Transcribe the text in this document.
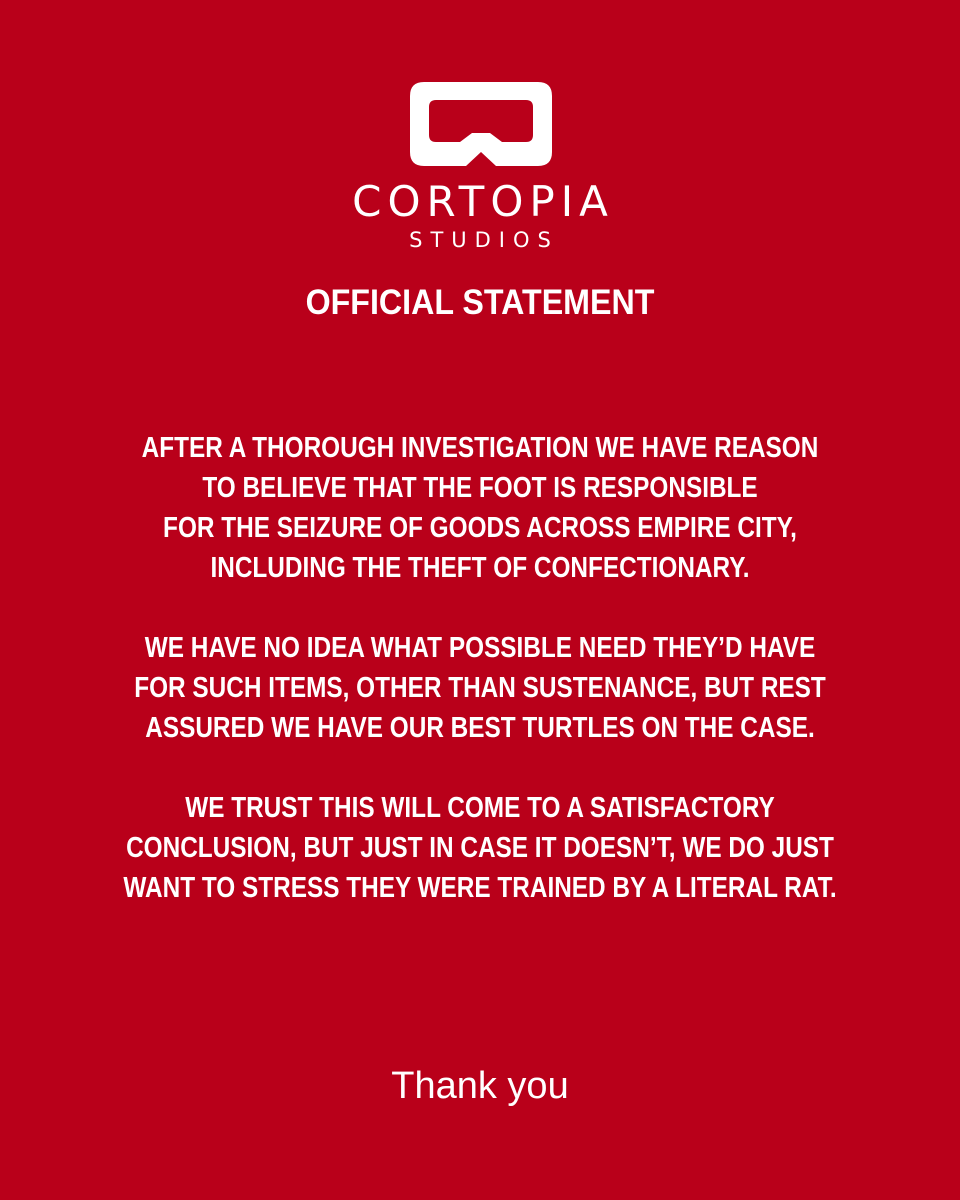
CORTOPIA
STUDIOS
OFFICIAL STATEMENT
AFTER A THOROUGH INVESTIGATION WE HAVE REASON
TO BELIEVE THAT THE FOOT IS RESPONSIBLE
FOR THE SEIZURE OF GOODS ACROSS EMPIRE CITY,
INCLUDING THE THEFT OF CONFECTIONARY.
WE HAVE NO IDEA WHAT POSSIBLE NEED THEY’D HAVE
FOR SUCH ITEMS, OTHER THAN SUSTENANCE, BUT REST
ASSURED WE HAVE OUR BEST TURTLES ON THE CASE.
WE TRUST THIS WILL COME TO A SATISFACTORY
CONCLUSION, BUT JUST IN CASE IT DOESN’T, WE DO JUST
WANT TO STRESS THEY WERE TRAINED BY A LITERAL RAT.
Thank you
